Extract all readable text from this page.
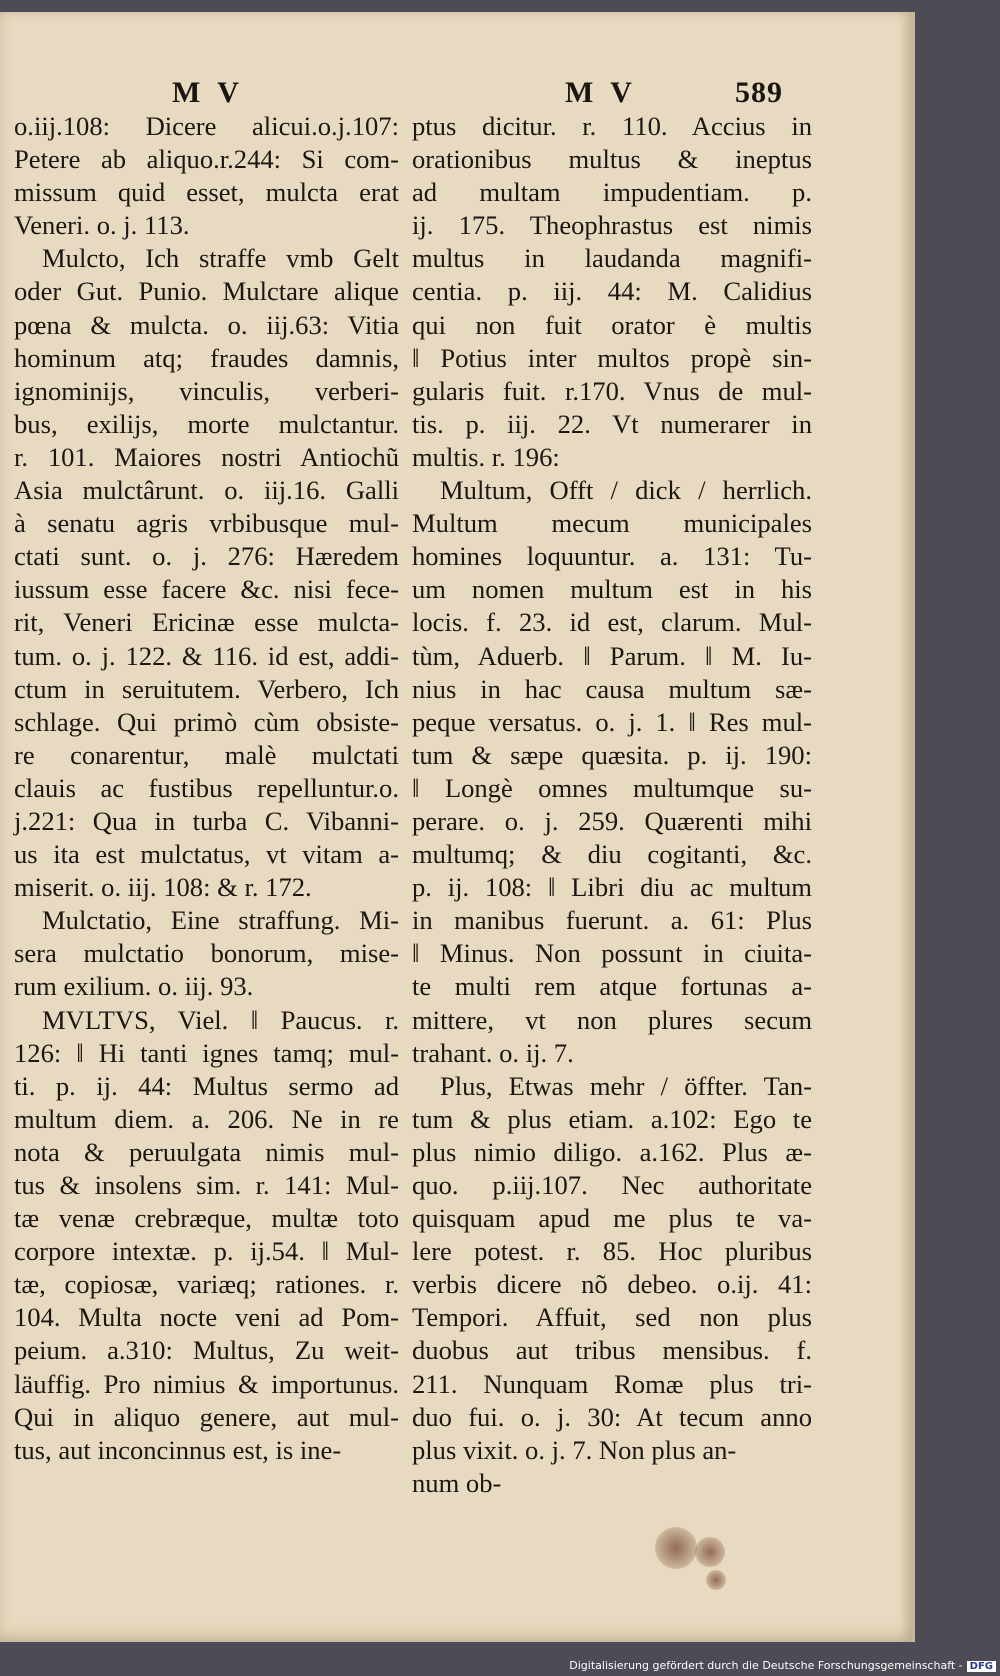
M V	M V	589
o.iij.108: Dicere alicui.o.j.107:
Petere ab aliquo.r.244: Si com-
missum quid esset, mulcta erat
Veneri. o. j. 113.
Mulcto, Ich straffe vmb Gelt
oder Gut. Punio. Mulctare alique
pœna & mulcta. o. iij.63: Vitia
hominum atq; fraudes damnis,
ignominijs, vinculis, verberi-
bus, exilijs, morte mulctantur.
r. 101. Maiores nostri Antiochũ
Asia mulctârunt. o. iij.16. Galli
à senatu agris vrbibusque mul-
ctati sunt. o. j. 276: Hæredem
iussum esse facere &c. nisi fece-
rit, Veneri Ericinæ esse mulcta-
tum. o. j. 122. & 116. id est, addi-
ctum in seruitutem. Verbero, Ich
schlage. Qui primò cùm obsiste-
re conarentur, malè mulctati
clauis ac fustibus repelluntur.o.
j.221: Qua in turba C. Vibanni-
us ita est mulctatus, vt vitam a-
miserit. o. iij. 108: & r. 172.
Mulctatio, Eine straffung. Mi-
sera mulctatio bonorum, mise-
rum exilium. o. iij. 93.
MVLTVS, Viel. ‖ Paucus. r.
126: ‖ Hi tanti ignes tamq; mul-
ti. p. ij. 44: Multus sermo ad
multum diem. a. 206. Ne in re
nota & peruulgata nimis mul-
tus & insolens sim. r. 141: Mul-
tæ venæ crebræque, multæ toto
corpore intextæ. p. ij.54. ‖ Mul-
tæ, copiosæ, variæq; rationes. r.
104. Multa nocte veni ad Pom-
peium. a.310: Multus, Zu weit-
läuffig. Pro nimius & importunus.
Qui in aliquo genere, aut mul-
tus, aut inconcinnus est, is ine-
ptus dicitur. r. 110. Accius in
orationibus multus & ineptus
ad multam impudentiam. p.
ij. 175. Theophrastus est nimis
multus in laudanda magnifi-
centia. p. iij. 44: M. Calidius
qui non fuit orator è multis
‖ Potius inter multos propè sin-
gularis fuit. r.170. Vnus de mul-
tis. p. iij. 22. Vt numerarer in
multis. r. 196:
Multum, Offt / dick / herrlich.
Multum mecum municipales
homines loquuntur. a. 131: Tu-
um nomen multum est in his
locis. f. 23. id est, clarum. Mul-
tùm, Aduerb. ‖ Parum. ‖ M. Iu-
nius in hac causa multum sæ-
peque versatus. o. j. 1. ‖ Res mul-
tum & sæpe quæsita. p. ij. 190:
‖ Longè omnes multumque su-
perare. o. j. 259. Quærenti mihi
multumq; & diu cogitanti, &c.
p. ij. 108: ‖ Libri diu ac multum
in manibus fuerunt. a. 61: Plus
‖ Minus. Non possunt in ciuita-
te multi rem atque fortunas a-
mittere, vt non plures secum
trahant. o. ij. 7.
Plus, Etwas mehr / öffter. Tan-
tum & plus etiam. a.102: Ego te
plus nimio diligo. a.162. Plus æ-
quo. p.iij.107. Nec authoritate
quisquam apud me plus te va-
lere potest. r. 85. Hoc pluribus
verbis dicere nõ debeo. o.ij. 41:
Tempori. Affuit, sed non plus
duobus aut tribus mensibus. f.
211. Nunquam Romæ plus tri-
duo fui. o. j. 30: At tecum anno
plus vixit. o. j. 7. Non plus an-
num ob-
Digitalisierung gefördert durch die Deutsche Forschungsgemeinschaft - DFG
